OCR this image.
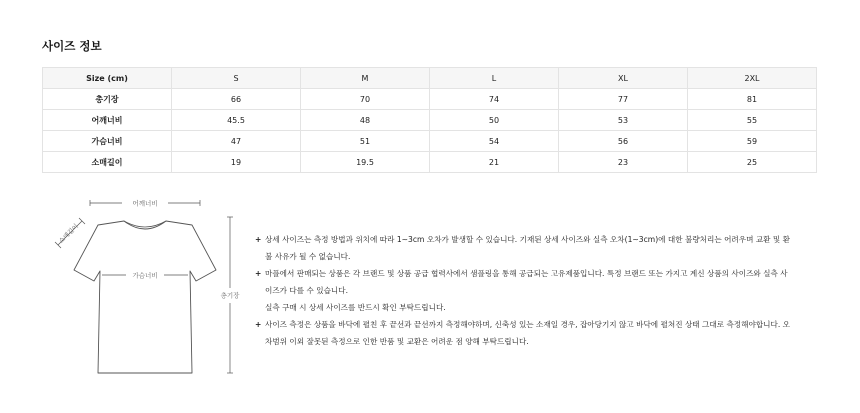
사이즈 정보
Size (cm)	S	M	L	XL	2XL
총기장	66	70	74	77	81
어깨너비	45.5	48	50	53	55
가슴너비	47	51	54	56	59
소매길이	19	19.5	21	23	25
어깨너비
소매길이
가슴너비
총기장
+ 상세 사이즈는 측정 방법과 위치에 따라 1~3cm 오차가 발생할 수 있습니다. 기재된 상세 사이즈와 실측 오차(1~3cm)에 대한 불량처리는 어려우며 교환 및 환
불 사유가 될 수 없습니다.
+ 마플에서 판매되는 상품은 각 브랜드 및 상품 공급 협력사에서 샘플링을 통해 공급되는 고유제품입니다. 특정 브랜드 또는 가지고 계신 상품의 사이즈와 실측 사
이즈가 다를 수 있습니다.
실측 구매 시 상세 사이즈를 반드시 확인 부탁드립니다.
+ 사이즈 측정은 상품을 바닥에 펼친 후 끝선과 끝선까지 측정해야하며, 신축성 있는 소재일 경우, 잡아당기지 않고 바닥에 펼쳐진 상태 그대로 측정해야합니다. 오
차범위 이외 잘못된 측정으로 인한 반품 및 교환은 어려운 점 양해 부탁드립니다.
